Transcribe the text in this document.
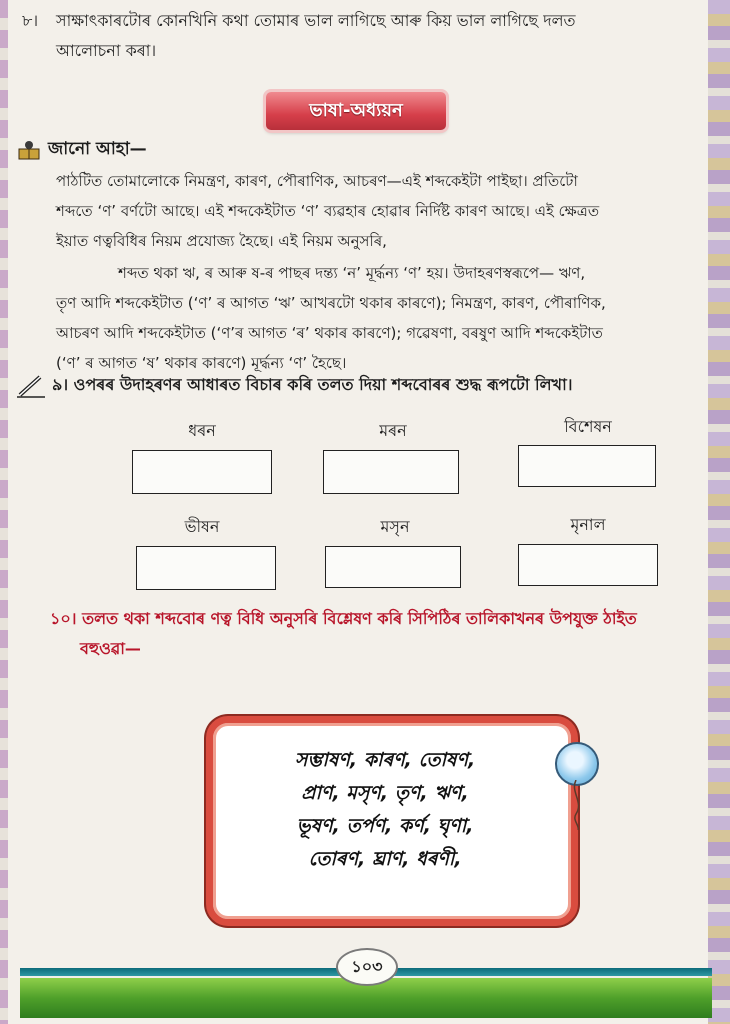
৮। সাক্ষাৎকাৰটোৰ কোনখিনি কথা তোমাৰ ভাল লাগিছে আৰু কিয় ভাল লাগিছে দলত
আলোচনা কৰা।
ভাষা-অধ্যয়ন
জানো আহা—
পাঠটিত তোমালোকে নিমন্ত্রণ, কাৰণ, পৌৰাণিক, আচৰণ—এই শব্দকেইটা পাইছা। প্ৰতিটো
শব্দতে ‘ণ’ বৰ্ণটো আছে। এই শব্দকেইটাত ‘ণ’ ব্যৱহাৰ হোৱাৰ নিৰ্দিষ্ট কাৰণ আছে। এই ক্ষেত্ৰত
ইয়াত ণত্ববিধিৰ নিয়ম প্ৰযোজ্য হৈছে। এই নিয়ম অনুসৰি,
শব্দত থকা ঋ, ৰ আৰু ষ-ৰ পাছৰ দন্ত্য ‘ন’ মূৰ্দ্ধন্য ‘ণ’ হয়। উদাহৰণস্বৰূপে— ঋণ,
তৃণ আদি শব্দকেইটাত (‘ণ’ ৰ আগত ‘ঋ’ আখৰটো থকাৰ কাৰণে); নিমন্ত্রণ, কাৰণ, পৌৰাণিক,
আচৰণ আদি শব্দকেইটাত (‘ণ’ৰ আগত ‘ৰ’ থকাৰ কাৰণে); গৱেষণা, বৰষুণ আদি শব্দকেইটাত
(‘ণ’ ৰ আগত ‘ষ’ থকাৰ কাৰণে) মূৰ্দ্ধন্য ‘ণ’ হৈছে।
৯। ওপৰৰ উদাহৰণৰ আধাৰত বিচাৰ কৰি তলত দিয়া শব্দবোৰৰ শুদ্ধ ৰূপটো লিখা।
ধৰন	মৰন	বিশেষন
ভীষন	মসৃন	মৃনাল
১০। তলত থকা শব্দবোৰ ণত্ব বিধি অনুসৰি বিশ্লেষণ কৰি সিপিঠিৰ তালিকাখনৰ উপযুক্ত ঠাইত
বহুওৱা—
সম্ভাষণ, কাৰণ, তোষণ,
প্ৰাণ, মসৃণ, তৃণ, ঋণ,
ভূষণ, তৰ্পণ, কৰ্ণ, ঘৃণা,
তোৰণ, ঘ্ৰাণ, ধৰণী,
১০৩
